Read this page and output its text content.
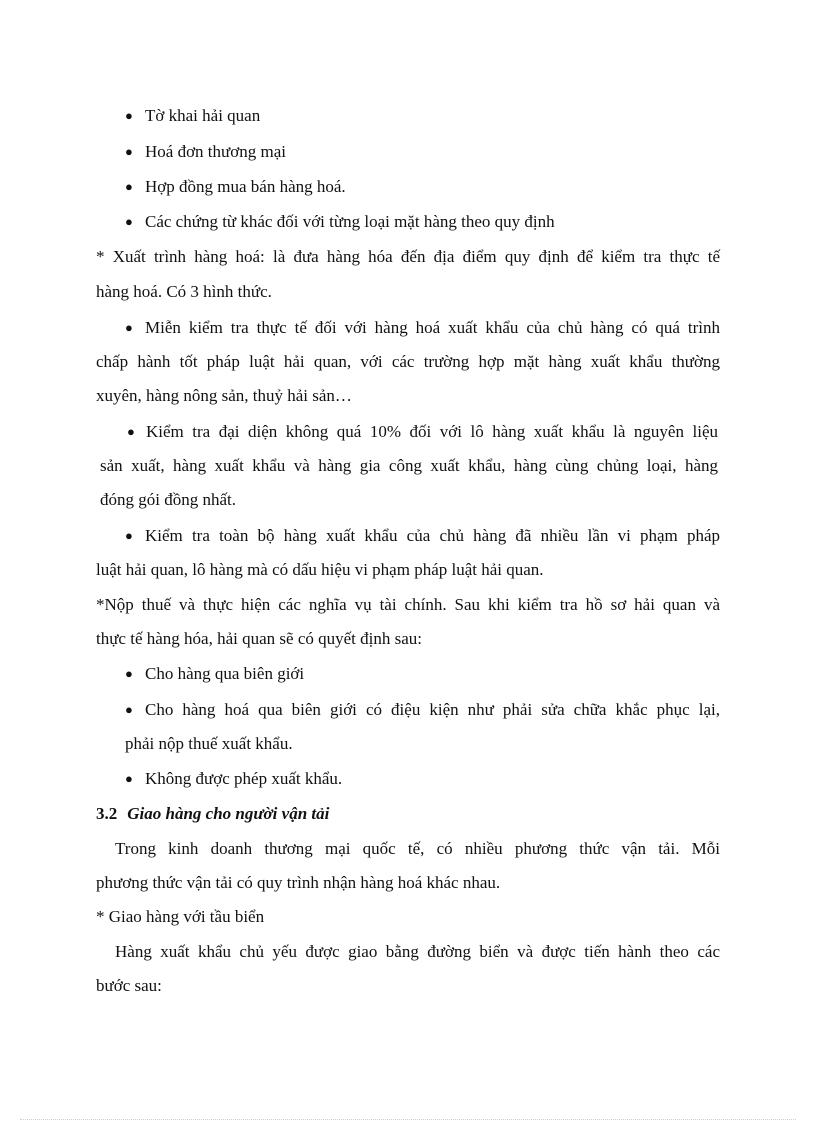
● Tờ khai hải quan
● Hoá đơn thương mại
● Hợp đồng mua bán hàng hoá.
● Các chứng từ khác đối với từng loại mặt hàng theo quy định
* Xuất trình hàng hoá: là đưa hàng hóa đến địa điểm quy định để kiểm tra thực tế
hàng hoá. Có 3 hình thức.
● Miễn kiểm tra thực tế đối với hàng hoá xuất khẩu của chủ hàng có quá trình
chấp hành tốt pháp luật hải quan, với các trường hợp mặt hàng xuất khẩu thường
xuyên, hàng nông sản, thuỷ hải sản…
● Kiểm tra đại diện không quá 10% đối với lô hàng xuất khẩu là nguyên liệu
sản xuất, hàng xuất khẩu và hàng gia công xuất khẩu, hàng cùng chủng loại, hàng
đóng gói đồng nhất.
● Kiểm tra toàn bộ hàng xuất khẩu của chủ hàng đã nhiều lần vi phạm pháp
luật hải quan, lô hàng mà có dấu hiệu vi phạm pháp luật hải quan.
*Nộp thuế và thực hiện các nghĩa vụ tài chính. Sau khi kiểm tra hồ sơ hải quan và
thực tế hàng hóa, hải quan sẽ có quyết định sau:
● Cho hàng qua biên giới
● Cho hàng hoá qua biên giới có điệu kiện như phải sửa chữa khắc phục lại,
phải nộp thuế xuất khẩu.
● Không được phép xuất khẩu.
3.2 Giao hàng cho người vận tải
Trong kinh doanh thương mại quốc tế, có nhiều phương thức vận tải. Mỗi
phương thức vận tải có quy trình nhận hàng hoá khác nhau.
* Giao hàng với tầu biển
Hàng xuất khẩu chủ yếu được giao bằng đường biển và được tiến hành theo các
bước sau:
